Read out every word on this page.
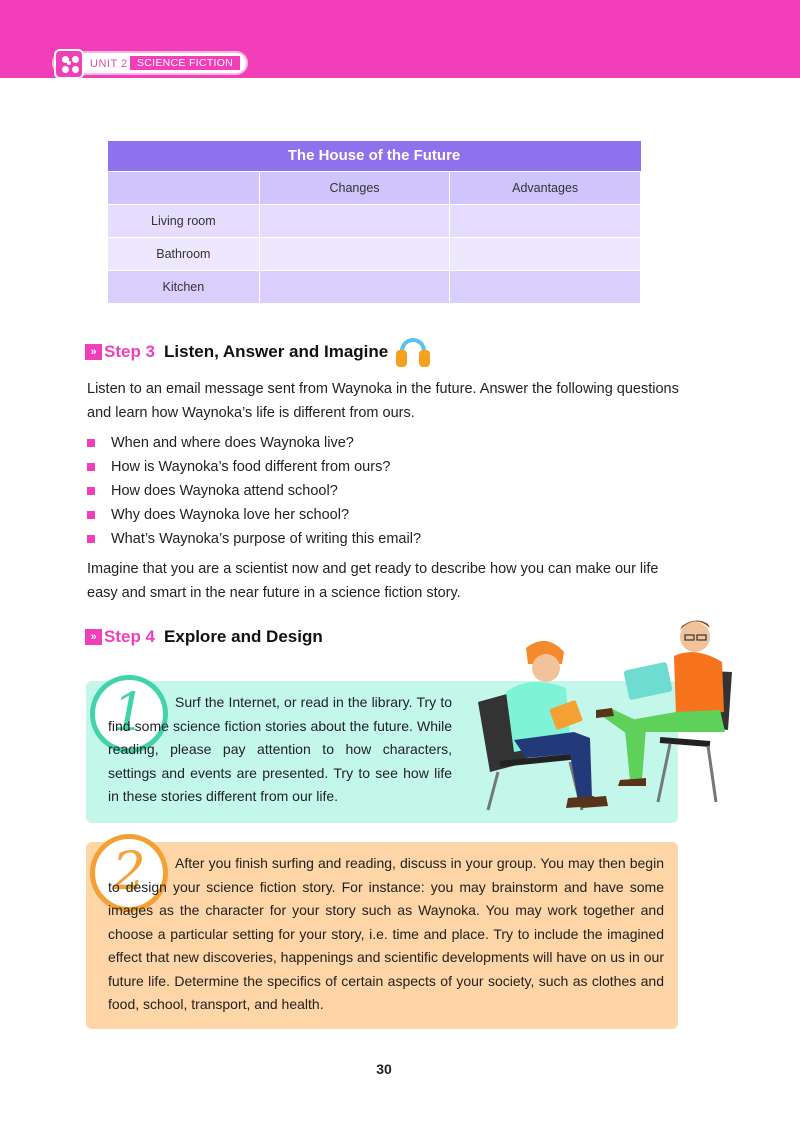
UNIT 2 SCIENCE FICTION
The House of the Future		
	Changes	Advantages
Living room		
Bathroom		
Kitchen		
» Step 3 Listen, Answer and Imagine

Listen to an email message sent from Waynoka in the future. Answer the following questions and learn how Waynoka’s life is different from ours.

When and where does Waynoka live?
How is Waynoka’s food different from ours?
How does Waynoka attend school?
Why does Waynoka love her school?
What’s Waynoka’s purpose of writing this email?

Imagine that you are a scientist now and get ready to describe how you can make our life easy and smart in the near future in a science fiction story.

» Step 4 Explore and Design
1	Surf the Internet, or read in the library. Try to find some science fiction stories about the future. While reading, please pay attention to how characters, settings and events are presented. Try to see how life in these stories different from our life.

2	After you finish surfing and reading, discuss in your group. You may then begin to design your science fiction story. For instance: you may brainstorm and have some images as the character for your story such as Waynoka. You may work together and choose a particular setting for your story, i.e. time and place. Try to include the imagined effect that new discoveries, happenings and scientific developments will have on us in our future life. Determine the specifics of certain aspects of your society, such as clothes and food, school, transport, and health.

30
